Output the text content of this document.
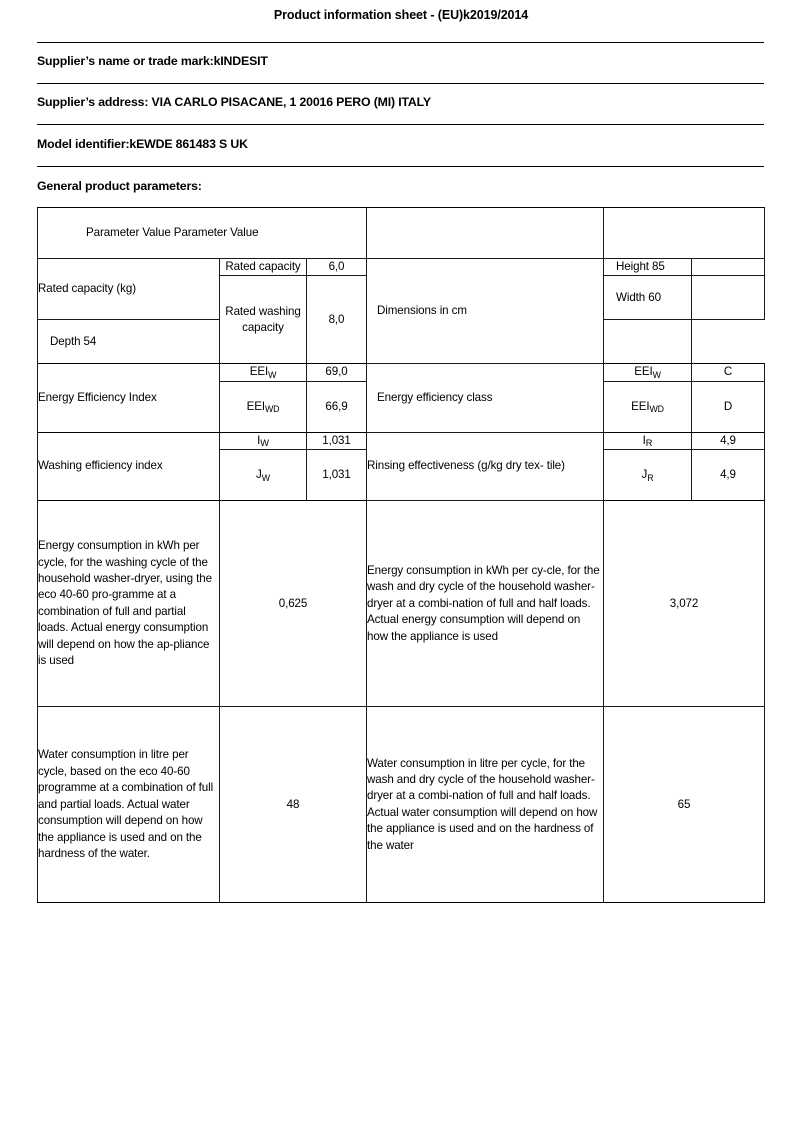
Product information sheet - (EU)k2019/2014
Supplier’s name or trade mark:kINDESIT
Supplier’s address: VIA CARLO PISACANE, 1 20016 PERO (MI) ITALY
Model identifier:kEWDE 861483 S UK
General product parameters:
Parameter Value Parameter Value					
Rated capacity (kg)	Rated capacity	6,0	Dimensions in cm	Height 85	
	Rated washing capacity	8,0		Width 60	
Depth 54					
Energy Efficiency Index	$EEI_W$	69,0	Energy efficiency class	$EEI_W$	C
	$EEI_{WD}$	66,9		$EEI_{WD}$	D
Washing efficiency index	IW	1,031	Rinsing effectiveness (g/kg dry tex- tile)	IR	4,9
	$J_W$	1,031		$J_R$	4,9
Energy consumption in kWh per cycle, for the washing cycle of the household washer-dryer, using the eco 40-60 pro-gramme at a combination of full and partial loads. Actual energy consumption will depend on how the ap-pliance is used	0,625	Energy consumption in kWh per cy-cle, for the wash and dry cycle of the household washer-dryer at a combi-nation of full and half loads. Actual energy consumption will depend on how the appliance is used	3,072
Water consumption in litre per cycle, based on the eco 40-60 programme at a combination of full and partial loads. Actual water consumption will depend on how the appliance is used and on the hardness of the water.	48	Water consumption in litre per cycle, for the wash and dry cycle of the household washer-dryer at a combi-nation of full and half loads. Actual water consumption will depend on how the appliance is used and on the hardness of the water	65
